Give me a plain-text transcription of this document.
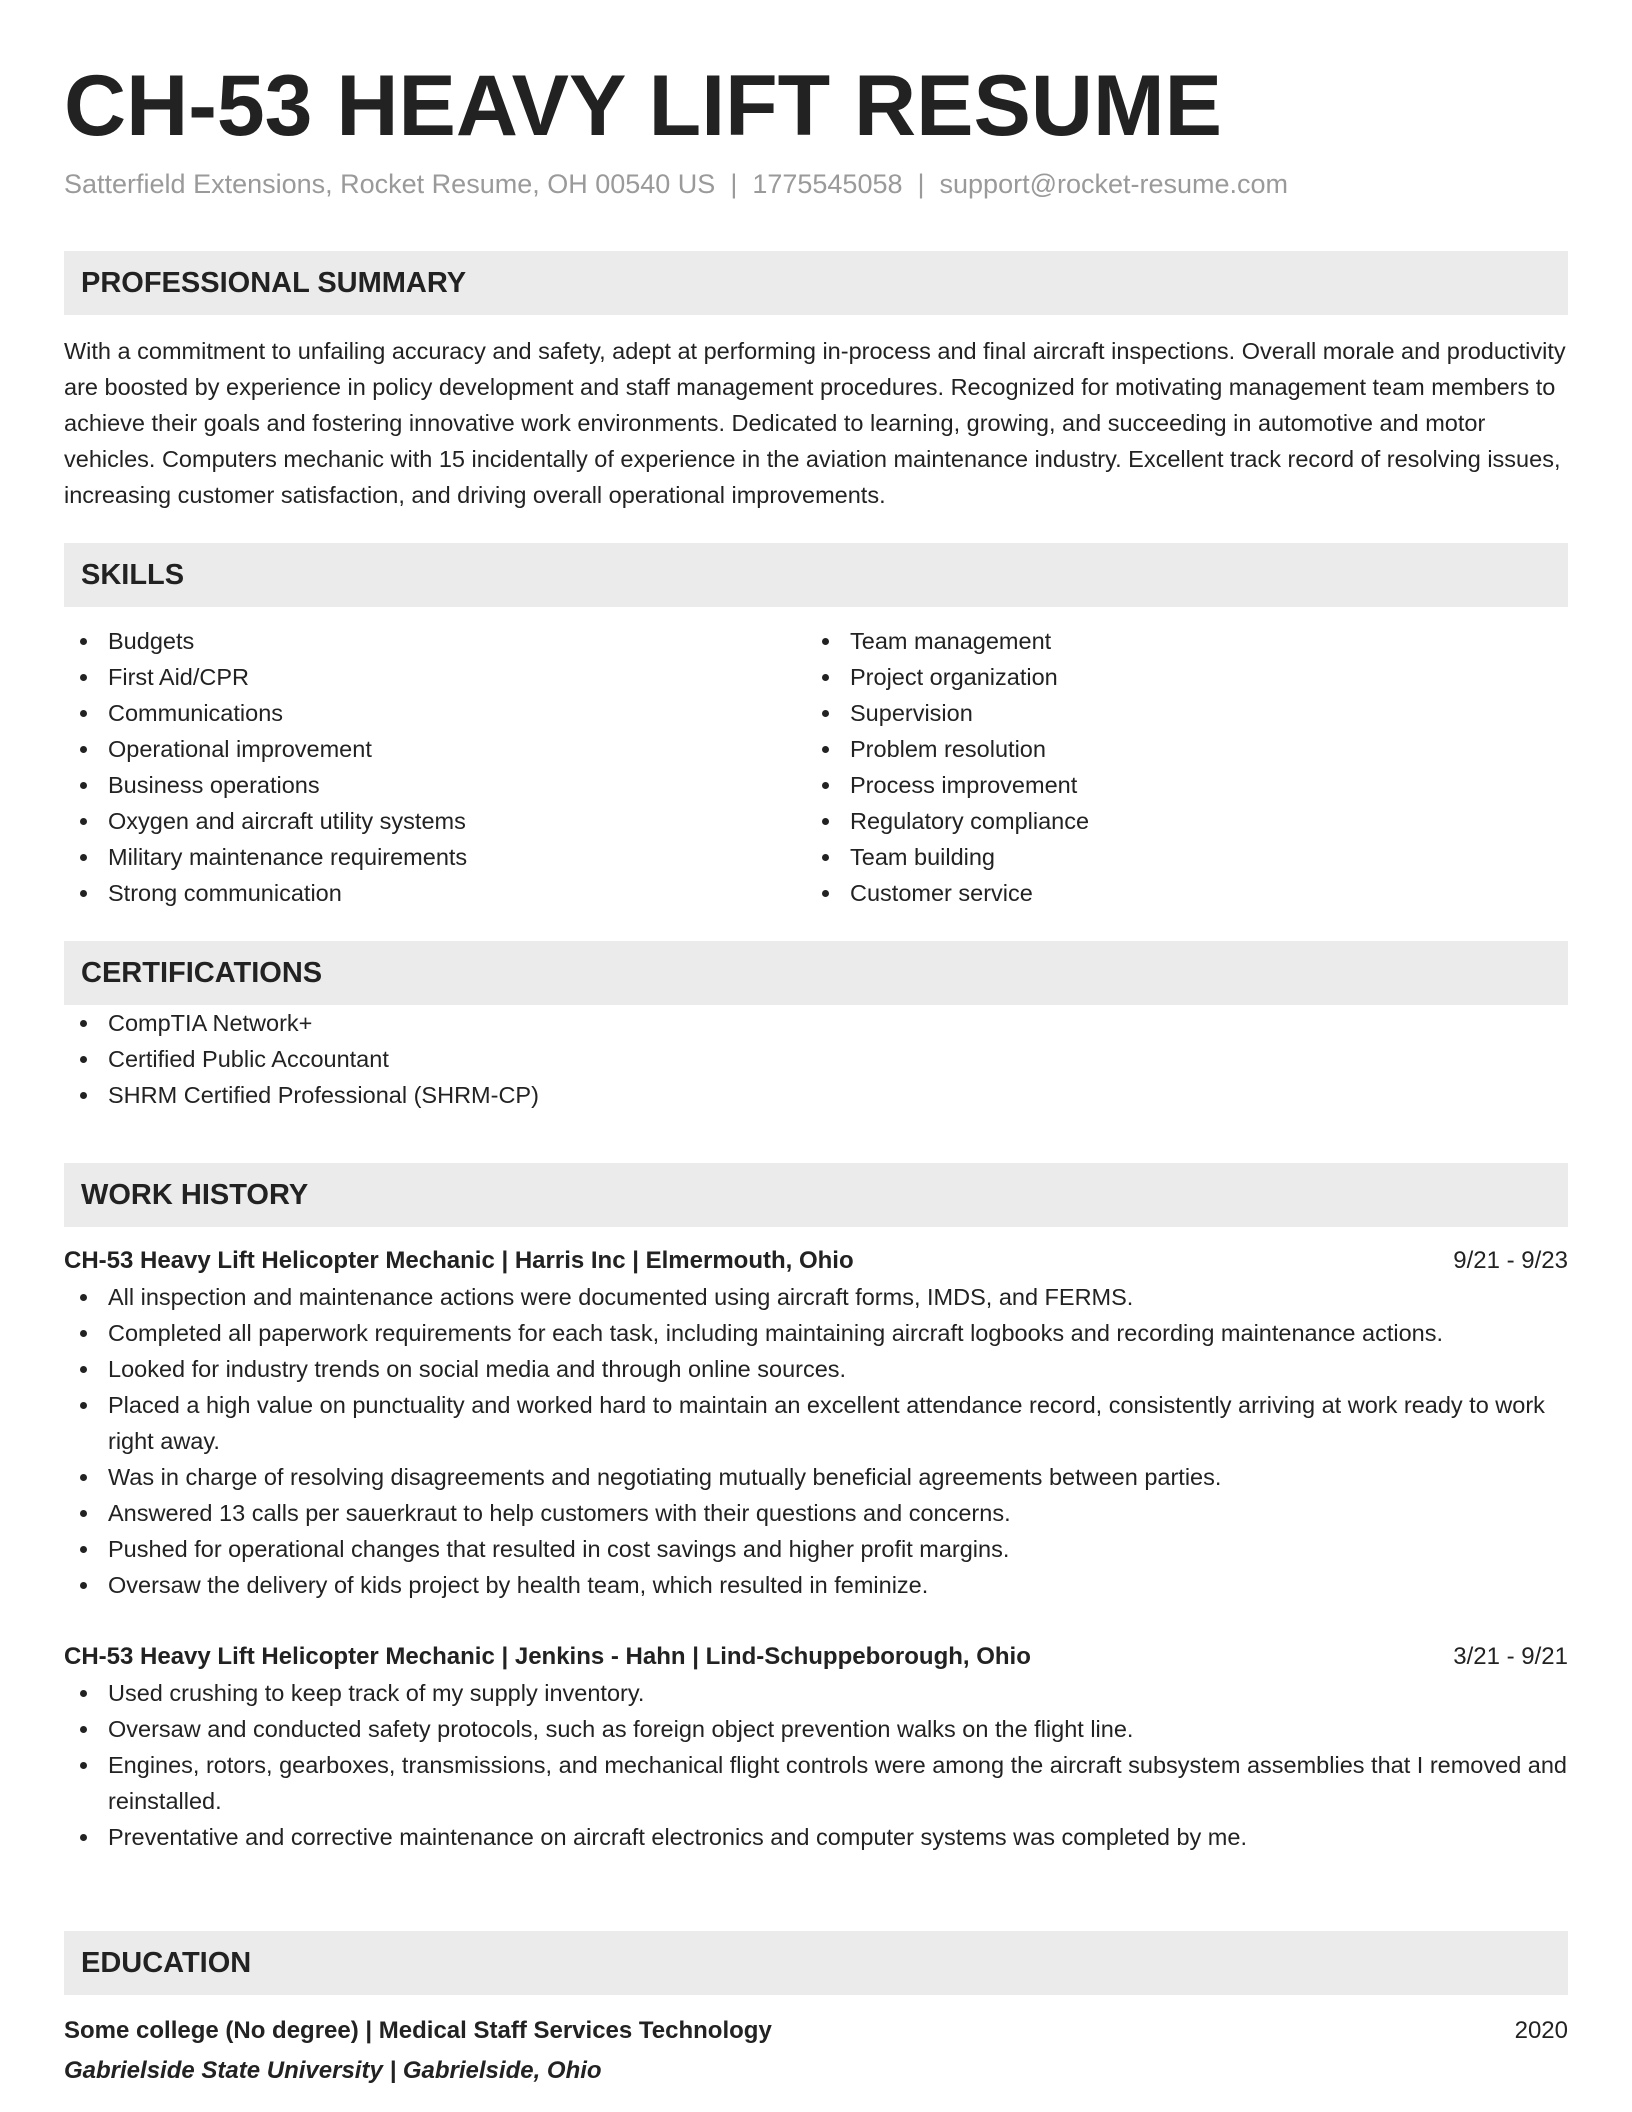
CH-53 HEAVY LIFT RESUME
Satterfield Extensions, Rocket Resume, OH 00540 US | 1775545058 | support@rocket-resume.com
PROFESSIONAL SUMMARY

With a commitment to unfailing accuracy and safety, adept at performing in-process and final aircraft inspections. Overall morale and productivity are boosted by experience in policy development and staff management procedures. Recognized for motivating management team members to achieve their goals and fostering innovative work environments. Dedicated to learning, growing, and succeeding in automotive and motor vehicles. Computers mechanic with 15 incidentally of experience in the aviation maintenance industry. Excellent track record of resolving issues, increasing customer satisfaction, and driving overall operational improvements.

SKILLS
Budgets
First Aid/CPR
Communications
Operational improvement
Business operations
Oxygen and aircraft utility systems
Military maintenance requirements
Strong communication
Team management
Project organization
Supervision
Problem resolution
Process improvement
Regulatory compliance
Team building
Customer service
CERTIFICATIONS
CompTIA Network+
Certified Public Accountant
SHRM Certified Professional (SHRM-CP)
WORK HISTORY
CH-53 Heavy Lift Helicopter Mechanic | Harris Inc | Elmermouth, Ohio	9/21 - 9/23
All inspection and maintenance actions were documented using aircraft forms, IMDS, and FERMS.
Completed all paperwork requirements for each task, including maintaining aircraft logbooks and recording maintenance actions.
Looked for industry trends on social media and through online sources.
Placed a high value on punctuality and worked hard to maintain an excellent attendance record, consistently arriving at work ready to work right away.
Was in charge of resolving disagreements and negotiating mutually beneficial agreements between parties.
Answered 13 calls per sauerkraut to help customers with their questions and concerns.
Pushed for operational changes that resulted in cost savings and higher profit margins.
Oversaw the delivery of kids project by health team, which resulted in feminize.
CH-53 Heavy Lift Helicopter Mechanic | Jenkins - Hahn | Lind-Schuppeborough, Ohio	3/21 - 9/21
Used crushing to keep track of my supply inventory.
Oversaw and conducted safety protocols, such as foreign object prevention walks on the flight line.
Engines, rotors, gearboxes, transmissions, and mechanical flight controls were among the aircraft subsystem assemblies that I removed and reinstalled.
Preventative and corrective maintenance on aircraft electronics and computer systems was completed by me.
EDUCATION
Some college (No degree) | Medical Staff Services Technology	2020
Gabrielside State University | Gabrielside, Ohio
